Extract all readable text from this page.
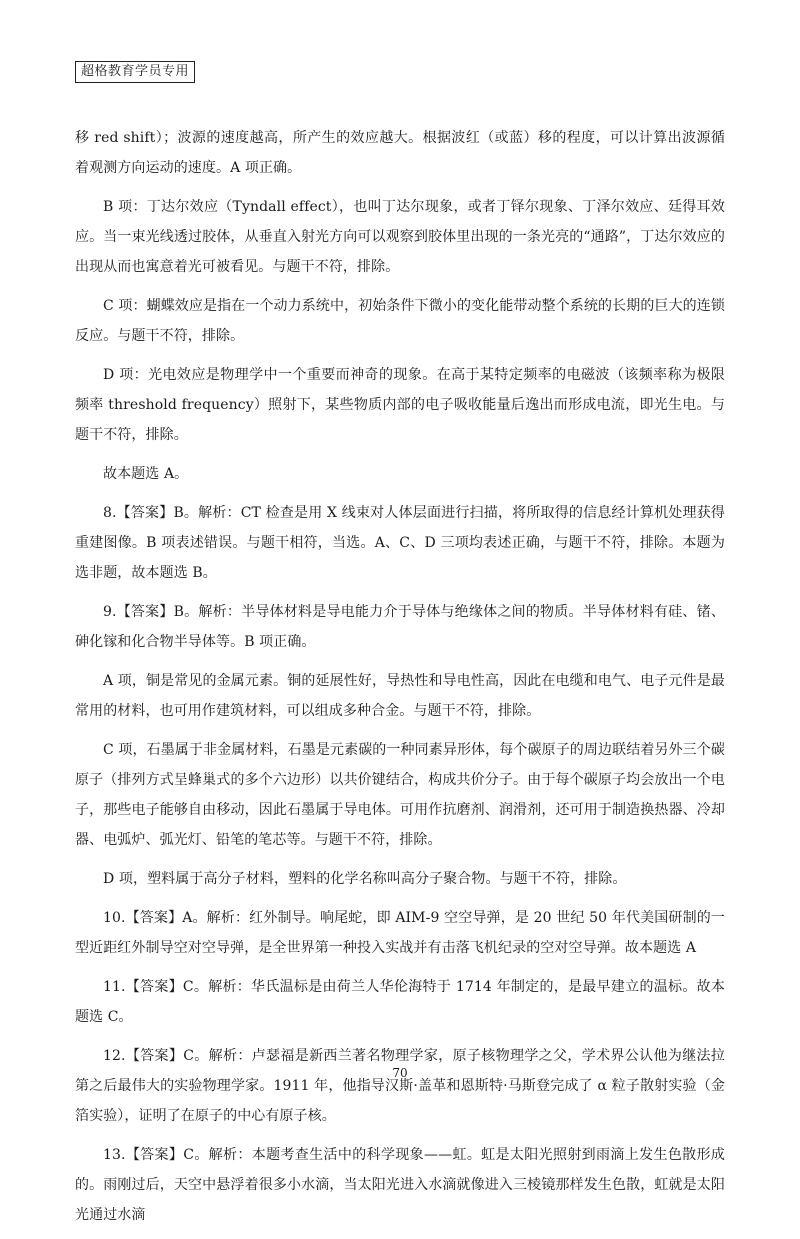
超格教育学员专用

移 red shift）；波源的速度越高，所产生的效应越大。根据波红（或蓝）移的程度，可以计算出波源循着观测方向运动的速度。A 项正确。

B 项：丁达尔效应（Tyndall effect），也叫丁达尔现象，或者丁铎尔现象、丁泽尔效应、廷得耳效应。当一束光线透过胶体，从垂直入射光方向可以观察到胶体里出现的一条光亮的“通路”，丁达尔效应的出现从而也寓意着光可被看见。与题干不符，排除。

C 项：蝴蝶效应是指在一个动力系统中，初始条件下微小的变化能带动整个系统的长期的巨大的连锁反应。与题干不符，排除。

D 项：光电效应是物理学中一个重要而神奇的现象。在高于某特定频率的电磁波（该频率称为极限频率 threshold frequency）照射下，某些物质内部的电子吸收能量后逸出而形成电流，即光生电。与题干不符，排除。

故本题选 A。

8.【答案】B。解析：CT 检查是用 X 线束对人体层面进行扫描，将所取得的信息经计算机处理获得重建图像。B 项表述错误。与题干相符，当选。A、C、D 三项均表述正确，与题干不符，排除。本题为选非题，故本题选 B。

9.【答案】B。解析：半导体材料是导电能力介于导体与绝缘体之间的物质。半导体材料有硅、锗、砷化镓和化合物半导体等。B 项正确。

A 项，铜是常见的金属元素。铜的延展性好，导热性和导电性高，因此在电缆和电气、电子元件是最常用的材料，也可用作建筑材料，可以组成多种合金。与题干不符，排除。

C 项，石墨属于非金属材料，石墨是元素碳的一种同素异形体，每个碳原子的周边联结着另外三个碳原子（排列方式呈蜂巢式的多个六边形）以共价键结合，构成共价分子。由于每个碳原子均会放出一个电子，那些电子能够自由移动，因此石墨属于导电体。可用作抗磨剂、润滑剂，还可用于制造换热器、冷却器、电弧炉、弧光灯、铅笔的笔芯等。与题干不符，排除。

D 项，塑料属于高分子材料，塑料的化学名称叫高分子聚合物。与题干不符，排除。

10.【答案】A。解析：红外制导。响尾蛇，即 AIM-9 空空导弹，是 20 世纪 50 年代美国研制的一型近距红外制导空对空导弹，是全世界第一种投入实战并有击落飞机纪录的空对空导弹。故本题选 A

11.【答案】C。解析：华氏温标是由荷兰人华伦海特于 1714 年制定的，是最早建立的温标。故本题选 C。

12.【答案】C。解析：卢瑟福是新西兰著名物理学家，原子核物理学之父，学术界公认他为继法拉第之后最伟大的实验物理学家。1911 年，他指导汉斯·盖革和恩斯特·马斯登完成了 α 粒子散射实验（金箔实验），证明了在原子的中心有原子核。

13.【答案】C。解析：本题考查生活中的科学现象——虹。虹是太阳光照射到雨滴上发生色散形成的。雨刚过后，天空中悬浮着很多小水滴，当太阳光进入水滴就像进入三棱镜那样发生色散，虹就是太阳光通过水滴

70
